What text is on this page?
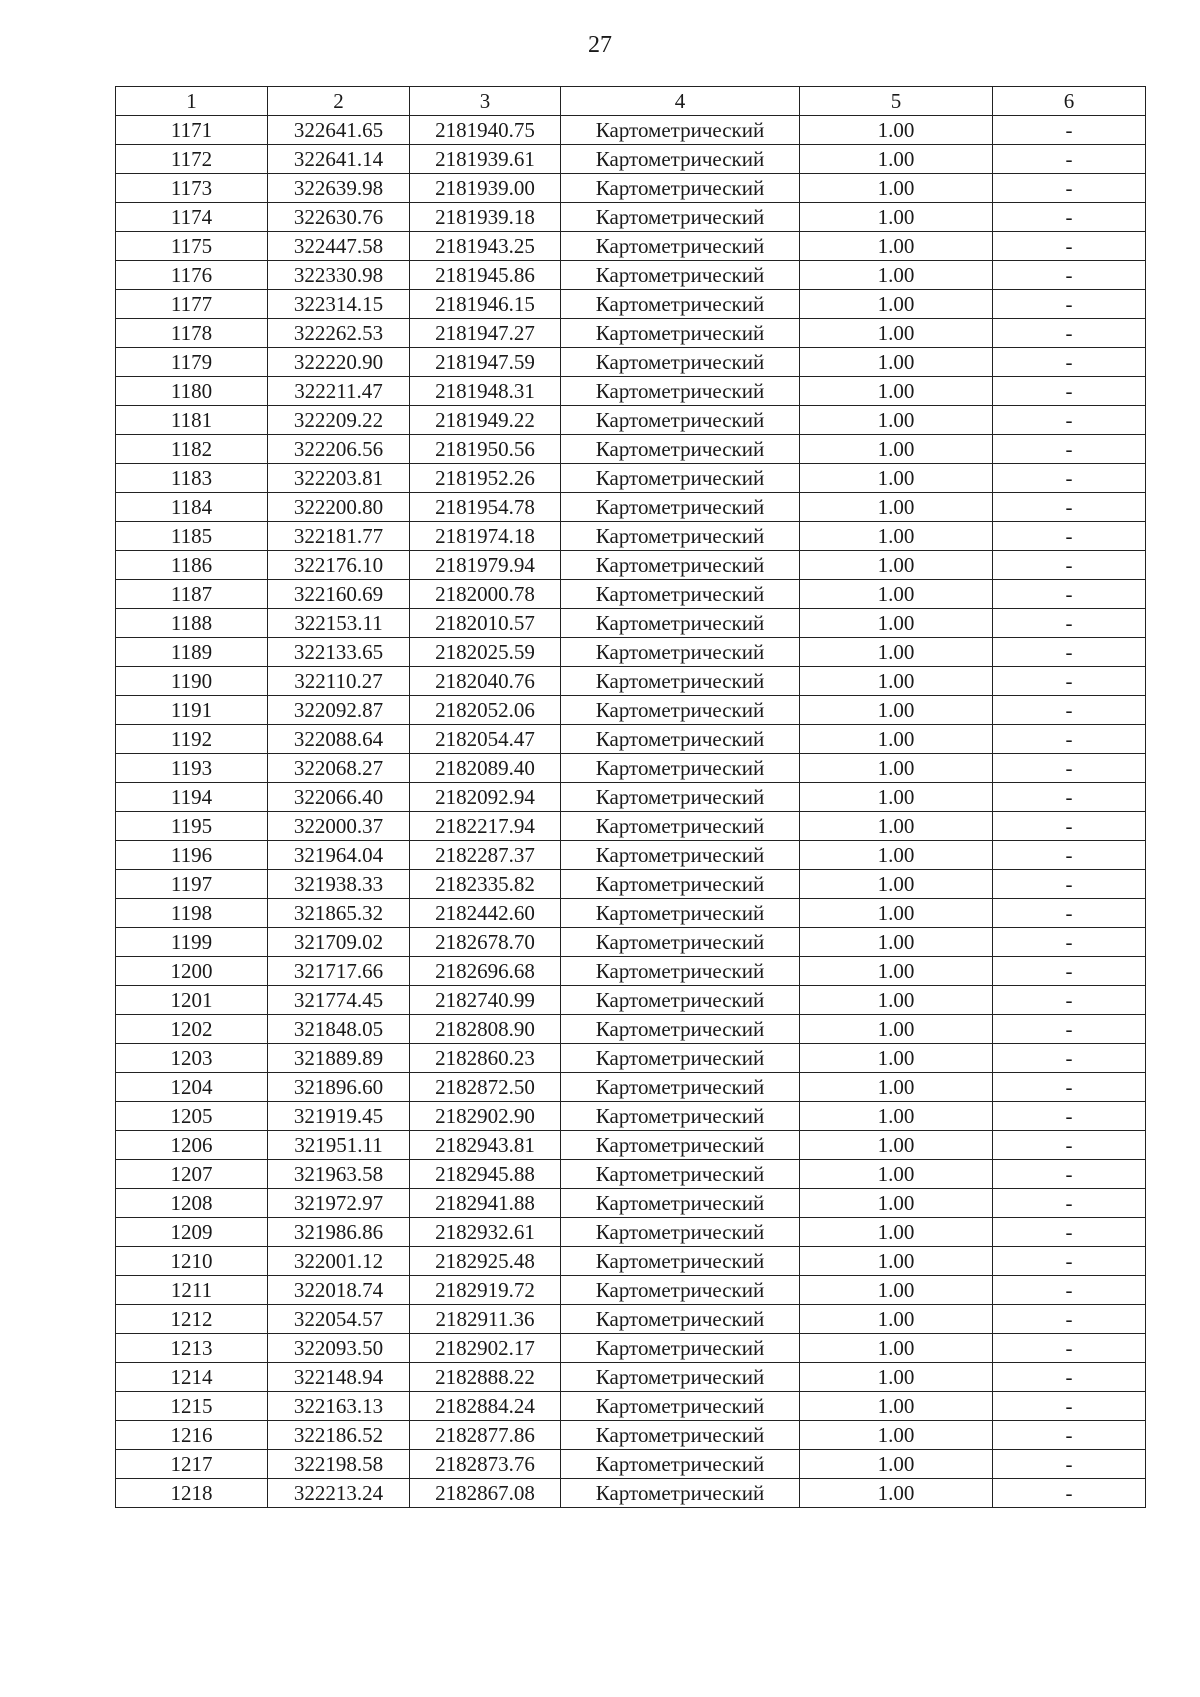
27
1	2	3	4	5	6
1171	322641.65	2181940.75	Картометрический	1.00	-
1172	322641.14	2181939.61	Картометрический	1.00	-
1173	322639.98	2181939.00	Картометрический	1.00	-
1174	322630.76	2181939.18	Картометрический	1.00	-
1175	322447.58	2181943.25	Картометрический	1.00	-
1176	322330.98	2181945.86	Картометрический	1.00	-
1177	322314.15	2181946.15	Картометрический	1.00	-
1178	322262.53	2181947.27	Картометрический	1.00	-
1179	322220.90	2181947.59	Картометрический	1.00	-
1180	322211.47	2181948.31	Картометрический	1.00	-
1181	322209.22	2181949.22	Картометрический	1.00	-
1182	322206.56	2181950.56	Картометрический	1.00	-
1183	322203.81	2181952.26	Картометрический	1.00	-
1184	322200.80	2181954.78	Картометрический	1.00	-
1185	322181.77	2181974.18	Картометрический	1.00	-
1186	322176.10	2181979.94	Картометрический	1.00	-
1187	322160.69	2182000.78	Картометрический	1.00	-
1188	322153.11	2182010.57	Картометрический	1.00	-
1189	322133.65	2182025.59	Картометрический	1.00	-
1190	322110.27	2182040.76	Картометрический	1.00	-
1191	322092.87	2182052.06	Картометрический	1.00	-
1192	322088.64	2182054.47	Картометрический	1.00	-
1193	322068.27	2182089.40	Картометрический	1.00	-
1194	322066.40	2182092.94	Картометрический	1.00	-
1195	322000.37	2182217.94	Картометрический	1.00	-
1196	321964.04	2182287.37	Картометрический	1.00	-
1197	321938.33	2182335.82	Картометрический	1.00	-
1198	321865.32	2182442.60	Картометрический	1.00	-
1199	321709.02	2182678.70	Картометрический	1.00	-
1200	321717.66	2182696.68	Картометрический	1.00	-
1201	321774.45	2182740.99	Картометрический	1.00	-
1202	321848.05	2182808.90	Картометрический	1.00	-
1203	321889.89	2182860.23	Картометрический	1.00	-
1204	321896.60	2182872.50	Картометрический	1.00	-
1205	321919.45	2182902.90	Картометрический	1.00	-
1206	321951.11	2182943.81	Картометрический	1.00	-
1207	321963.58	2182945.88	Картометрический	1.00	-
1208	321972.97	2182941.88	Картометрический	1.00	-
1209	321986.86	2182932.61	Картометрический	1.00	-
1210	322001.12	2182925.48	Картометрический	1.00	-
1211	322018.74	2182919.72	Картометрический	1.00	-
1212	322054.57	2182911.36	Картометрический	1.00	-
1213	322093.50	2182902.17	Картометрический	1.00	-
1214	322148.94	2182888.22	Картометрический	1.00	-
1215	322163.13	2182884.24	Картометрический	1.00	-
1216	322186.52	2182877.86	Картометрический	1.00	-
1217	322198.58	2182873.76	Картометрический	1.00	-
1218	322213.24	2182867.08	Картометрический	1.00	-
